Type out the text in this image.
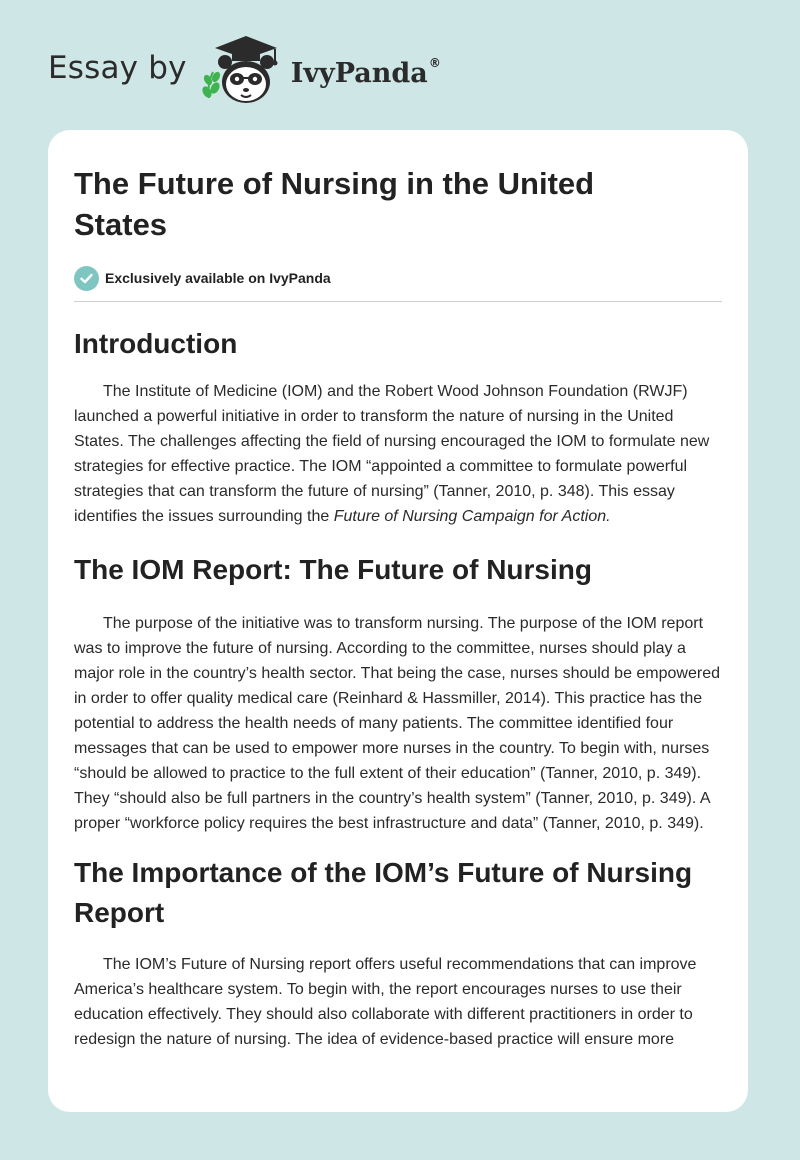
Essay by	IvyPanda®
The Future of Nursing in the United States
Exclusively available on IvyPanda
Introduction

The Institute of Medicine (IOM) and the Robert Wood Johnson Foundation (RWJF) launched a powerful initiative in order to transform the nature of nursing in the United States. The challenges affecting the field of nursing encouraged the IOM to formulate new strategies for effective practice. The IOM “appointed a committee to formulate powerful strategies that can transform the future of nursing” (Tanner, 2010, p. 348). This essay identifies the issues surrounding the Future of Nursing Campaign for Action.

The IOM Report: The Future of Nursing

The purpose of the initiative was to transform nursing. The purpose of the IOM report was to improve the future of nursing. According to the committee, nurses should play a major role in the country’s health sector. That being the case, nurses should be empowered in order to offer quality medical care (Reinhard & Hassmiller, 2014). This practice has the potential to address the health needs of many patients. The committee identified four messages that can be used to empower more nurses in the country. To begin with, nurses “should be allowed to practice to the full extent of their education” (Tanner, 2010, p. 349). They “should also be full partners in the country’s health system” (Tanner, 2010, p. 349). A proper “workforce policy requires the best infrastructure and data” (Tanner, 2010, p. 349).

The Importance of the IOM’s Future of Nursing Report

The IOM’s Future of Nursing report offers useful recommendations that can improve America’s healthcare system. To begin with, the report encourages nurses to use their education effectively. They should also collaborate with different practitioners in order to redesign the nature of nursing. The idea of evidence-based practice will ensure more
